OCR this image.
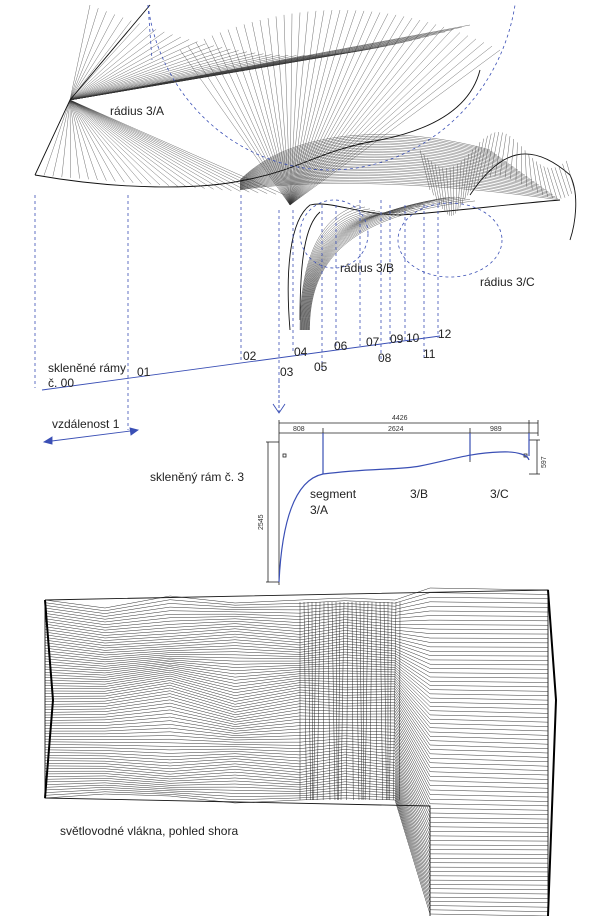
rádius 3/A
rádius 3/B
rádius 3/C
skleněné rámy
č. 00
vzdálenost 1
01
02
03
04
05
06 07
08
09 10
11
12
4426
808	2624	989
2545
597
skleněný rám č. 3
segment
3/A
3/B	3/C
světlovodné vlákna, pohled shora
